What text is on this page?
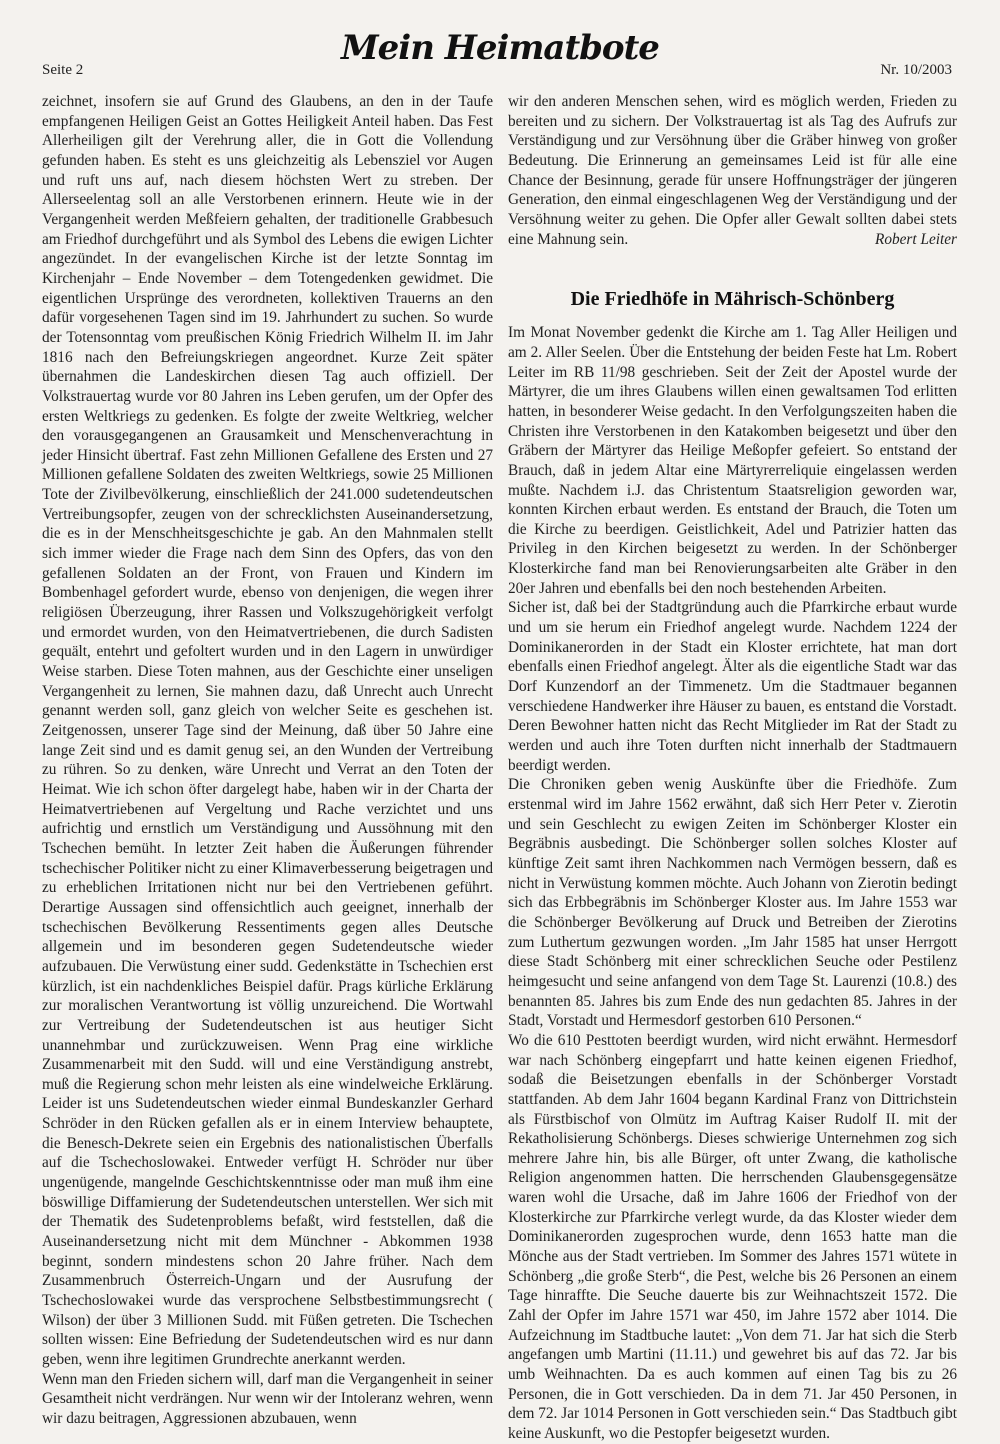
Seite 2
Mein Heimatbote
Nr. 10/2003

zeichnet, insofern sie auf Grund des Glaubens, an den in der Taufe empfangenen Heiligen Geist an Gottes Heiligkeit Anteil haben. Das Fest Allerheiligen gilt der Verehrung aller, die in Gott die Vollendung gefunden haben. Es steht es uns gleichzeitig als Lebensziel vor Augen und ruft uns auf, nach diesem höchsten Wert zu streben. Der Allerseelentag soll an alle Verstorbenen erinnern. Heute wie in der Vergangenheit werden Meßfeiern gehalten, der traditionelle Grabbesuch am Friedhof durchgeführt und als Symbol des Lebens die ewigen Lichter angezündet. In der evangelischen Kirche ist der letzte Sonntag im Kirchenjahr – Ende November – dem Totengedenken gewidmet. Die eigentlichen Ursprünge des verordneten, kollektiven Trauerns an den dafür vorgesehenen Tagen sind im 19. Jahrhundert zu suchen. So wurde der Totensonntag vom preußischen König Friedrich Wilhelm II. im Jahr 1816 nach den Befreiungskriegen angeordnet. Kurze Zeit später übernahmen die Landeskirchen diesen Tag auch offiziell. Der Volkstrauertag wurde vor 80 Jahren ins Leben gerufen, um der Opfer des ersten Weltkriegs zu gedenken. Es folgte der zweite Weltkrieg, welcher den vorausgegangenen an Grausamkeit und Menschenverachtung in jeder Hinsicht übertraf. Fast zehn Millionen Gefallene des Ersten und 27 Millionen gefallene Soldaten des zweiten Weltkriegs, sowie 25 Millionen Tote der Zivilbevölkerung, einschließlich der 241.000 sudetendeutschen Vertreibungsopfer, zeugen von der schrecklichsten Auseinandersetzung, die es in der Menschheitsgeschichte je gab. An den Mahnmalen stellt sich immer wieder die Frage nach dem Sinn des Opfers, das von den gefallenen Soldaten an der Front, von Frauen und Kindern im Bombenhagel gefordert wurde, ebenso von denjenigen, die wegen ihrer religiösen Überzeugung, ihrer Rassen und Volkszugehörigkeit verfolgt und ermordet wurden, von den Heimatvertriebenen, die durch Sadisten gequält, entehrt und gefoltert wurden und in den Lagern in unwürdiger Weise starben. Diese Toten mahnen, aus der Geschichte einer unseligen Vergangenheit zu lernen, Sie mahnen dazu, daß Unrecht auch Unrecht genannt werden soll, ganz gleich von welcher Seite es geschehen ist. Zeitgenossen, unserer Tage sind der Meinung, daß über 50 Jahre eine lange Zeit sind und es damit genug sei, an den Wunden der Vertreibung zu rühren. So zu denken, wäre Unrecht und Verrat an den Toten der Heimat. Wie ich schon öfter dargelegt habe, haben wir in der Charta der Heimatvertriebenen auf Vergeltung und Rache verzichtet und uns aufrichtig und ernstlich um Verständigung und Aussöhnung mit den Tschechen bemüht. In letzter Zeit haben die Äußerungen führender tschechischer Politiker nicht zu einer Klimaverbesserung beigetragen und zu erheblichen Irritationen nicht nur bei den Vertriebenen geführt. Derartige Aussagen sind offensichtlich auch geeignet, innerhalb der tschechischen Bevölkerung Ressentiments gegen alles Deutsche allgemein und im besonderen gegen Sudetendeutsche wieder aufzubauen. Die Verwüstung einer sudd. Gedenkstätte in Tschechien erst kürzlich, ist ein nachdenkliches Beispiel dafür. Prags kürliche Erklärung zur moralischen Verantwortung ist völlig unzureichend. Die Wortwahl zur Vertreibung der Sudetendeutschen ist aus heutiger Sicht unannehmbar und zurückzuweisen. Wenn Prag eine wirkliche Zusammenarbeit mit den Sudd. will und eine Verständigung anstrebt, muß die Regierung schon mehr leisten als eine windelweiche Erklärung. Leider ist uns Sudetendeutschen wieder einmal Bundeskanzler Gerhard Schröder in den Rücken gefallen als er in einem Interview behauptete, die Benesch-Dekrete seien ein Ergebnis des nationalistischen Überfalls auf die Tschechoslowakei. Entweder verfügt H. Schröder nur über ungenügende, mangelnde Geschichtskenntnisse oder man muß ihm eine böswillige Diffamierung der Sudetendeutschen unterstellen. Wer sich mit der Thematik des Sudetenproblems befaßt, wird feststellen, daß die Auseinandersetzung nicht mit dem Münchner - Abkommen 1938 beginnt, sondern mindestens schon 20 Jahre früher. Nach dem Zusammenbruch Österreich-Ungarn und der Ausrufung der Tschechoslowakei wurde das versprochene Selbstbestimmungsrecht ( Wilson) der über 3 Millionen Sudd. mit Füßen getreten. Die Tschechen sollten wissen: Eine Befriedung der Sudetendeutschen wird es nur dann geben, wenn ihre legitimen Grundrechte anerkannt werden.

Wenn man den Frieden sichern will, darf man die Vergangenheit in seiner Gesamtheit nicht verdrängen. Nur wenn wir der Intoleranz wehren, wenn wir dazu beitragen, Aggressionen abzubauen, wenn

wir den anderen Menschen sehen, wird es möglich werden, Frieden zu bereiten und zu sichern. Der Volkstrauertag ist als Tag des Aufrufs zur Verständigung und zur Versöhnung über die Gräber hinweg von großer Bedeutung. Die Erinnerung an gemeinsames Leid ist für alle eine Chance der Besinnung, gerade für unsere Hoffnungsträger der jüngeren Generation, den einmal eingeschlagenen Weg der Verständigung und der Versöhnung weiter zu gehen. Die Opfer aller Gewalt sollten dabei stets eine Mahnung sein.	Robert Leiter

Die Friedhöfe in Mährisch-Schönberg

Im Monat November gedenkt die Kirche am 1. Tag Aller Heiligen und am 2. Aller Seelen. Über die Entstehung der beiden Feste hat Lm. Robert Leiter im RB 11/98 geschrieben. Seit der Zeit der Apostel wurde der Märtyrer, die um ihres Glaubens willen einen gewaltsamen Tod erlitten hatten, in besonderer Weise gedacht. In den Verfolgungszeiten haben die Christen ihre Verstorbenen in den Katakomben beigesetzt und über den Gräbern der Märtyrer das Heilige Meßopfer gefeiert. So entstand der Brauch, daß in jedem Altar eine Märtyrerreliquie eingelassen werden mußte. Nachdem i.J. das Christentum Staatsreligion geworden war, konnten Kirchen erbaut werden. Es entstand der Brauch, die Toten um die Kirche zu beerdigen. Geistlichkeit, Adel und Patrizier hatten das Privileg in den Kirchen beigesetzt zu werden. In der Schönberger Klosterkirche fand man bei Renovierungsarbeiten alte Gräber in den 20er Jahren und ebenfalls bei den noch bestehenden Arbeiten.

Sicher ist, daß bei der Stadtgründung auch die Pfarrkirche erbaut wurde und um sie herum ein Friedhof angelegt wurde. Nachdem 1224 der Dominikanerorden in der Stadt ein Kloster errichtete, hat man dort ebenfalls einen Friedhof angelegt. Älter als die eigentliche Stadt war das Dorf Kunzendorf an der Timmenetz. Um die Stadtmauer begannen verschiedene Handwerker ihre Häuser zu bauen, es entstand die Vorstadt. Deren Bewohner hatten nicht das Recht Mitglieder im Rat der Stadt zu werden und auch ihre Toten durften nicht innerhalb der Stadtmauern beerdigt werden.

Die Chroniken geben wenig Auskünfte über die Friedhöfe. Zum erstenmal wird im Jahre 1562 erwähnt, daß sich Herr Peter v. Zierotin und sein Geschlecht zu ewigen Zeiten im Schönberger Kloster ein Begräbnis ausbedingt. Die Schönberger sollen solches Kloster auf künftige Zeit samt ihren Nachkommen nach Vermögen bessern, daß es nicht in Verwüstung kommen möchte. Auch Johann von Zierotin bedingt sich das Erbbegräbnis im Schönberger Kloster aus. Im Jahre 1553 war die Schönberger Bevölkerung auf Druck und Betreiben der Zierotins zum Luthertum gezwungen worden. „Im Jahr 1585 hat unser Herrgott diese Stadt Schönberg mit einer schrecklichen Seuche oder Pestilenz heimgesucht und seine anfangend von dem Tage St. Laurenzi (10.8.) des benannten 85. Jahres bis zum Ende des nun gedachten 85. Jahres in der Stadt, Vorstadt und Hermesdorf gestorben 610 Personen.“

Wo die 610 Pesttoten beerdigt wurden, wird nicht erwähnt. Hermesdorf war nach Schönberg eingepfarrt und hatte keinen eigenen Friedhof, sodaß die Beisetzungen ebenfalls in der Schönberger Vorstadt stattfanden. Ab dem Jahr 1604 begann Kardinal Franz von Dittrichstein als Fürstbischof von Olmütz im Auftrag Kaiser Rudolf II. mit der Rekatholisierung Schönbergs. Dieses schwierige Unternehmen zog sich mehrere Jahre hin, bis alle Bürger, oft unter Zwang, die katholische Religion angenommen hatten. Die herrschenden Glaubensgegensätze waren wohl die Ursache, daß im Jahre 1606 der Friedhof von der Klosterkirche zur Pfarrkirche verlegt wurde, da das Kloster wieder dem Dominikanerorden zugesprochen wurde, denn 1653 hatte man die Mönche aus der Stadt vertrieben. Im Sommer des Jahres 1571 wütete in Schönberg „die große Sterb“, die Pest, welche bis 26 Personen an einem Tage hinraffte. Die Seuche dauerte bis zur Weihnachtszeit 1572. Die Zahl der Opfer im Jahre 1571 war 450, im Jahre 1572 aber 1014. Die Aufzeichnung im Stadtbuche lautet: „Von dem 71. Jar hat sich die Sterb angefangen umb Martini (11.11.) und gewehret bis auf das 72. Jar bis umb Weihnachten. Da es auch kommen auf einen Tag bis zu 26 Personen, die in Gott verschieden. Da in dem 71. Jar 450 Personen, in dem 72. Jar 1014 Personen in Gott verschieden sein.“ Das Stadtbuch gibt keine Auskunft, wo die Pestopfer beigesetzt wurden.
